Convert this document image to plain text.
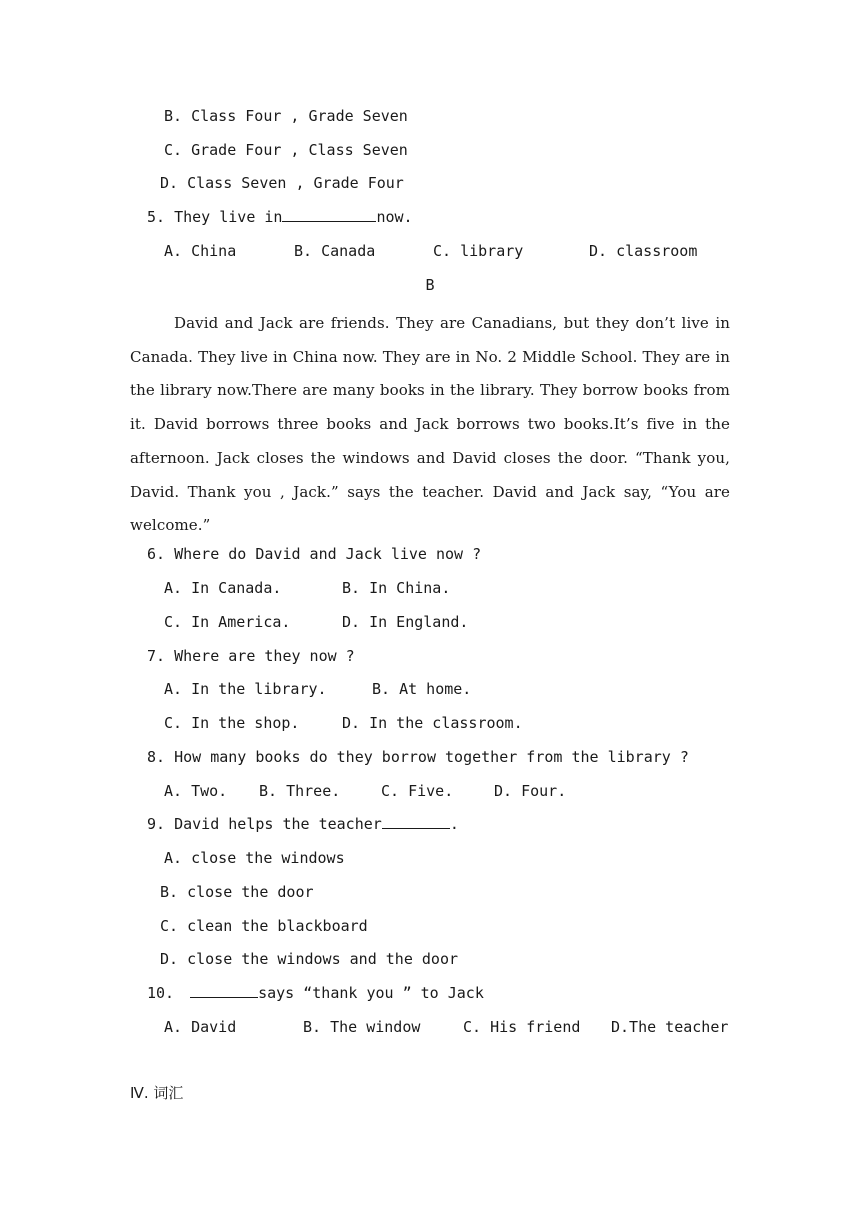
B. Class Four , Grade Seven
C. Grade Four , Class Seven
D. Class Seven , Grade Four
5. They live in	now.
A. China	B. Canada	C. library	D. classroom
B
David and Jack are friends. They are Canadians, but they don’t live in Canada. They live in China now. They are in No. 2 Middle School. They are in the library now.There are many books in the library. They borrow books from it. David borrows three books and Jack borrows two books.It’s five in the afternoon. Jack closes the windows and David closes the door. “Thank you, David. Thank you , Jack.” says the teacher. David and Jack say, “You are welcome.”
6. Where do David and Jack live now ?
A. In Canada.	B. In China.
C. In America.	D. In England.
7. Where are they now ?
A. In the library.	B. At home.
C. In the shop.	D. In the classroom.
8. How many books do they borrow together from the library ?
A. Two. B. Three.	C. Five.	D. Four.
9. David helps the teacher	.
A. close the windows
B. close the door
C. clean the blackboard
D. close the windows and the door
10.	says “thank you ” to Jack
A. David	B. The window	C. His friend D.The teacher
Ⅳ. 词汇
